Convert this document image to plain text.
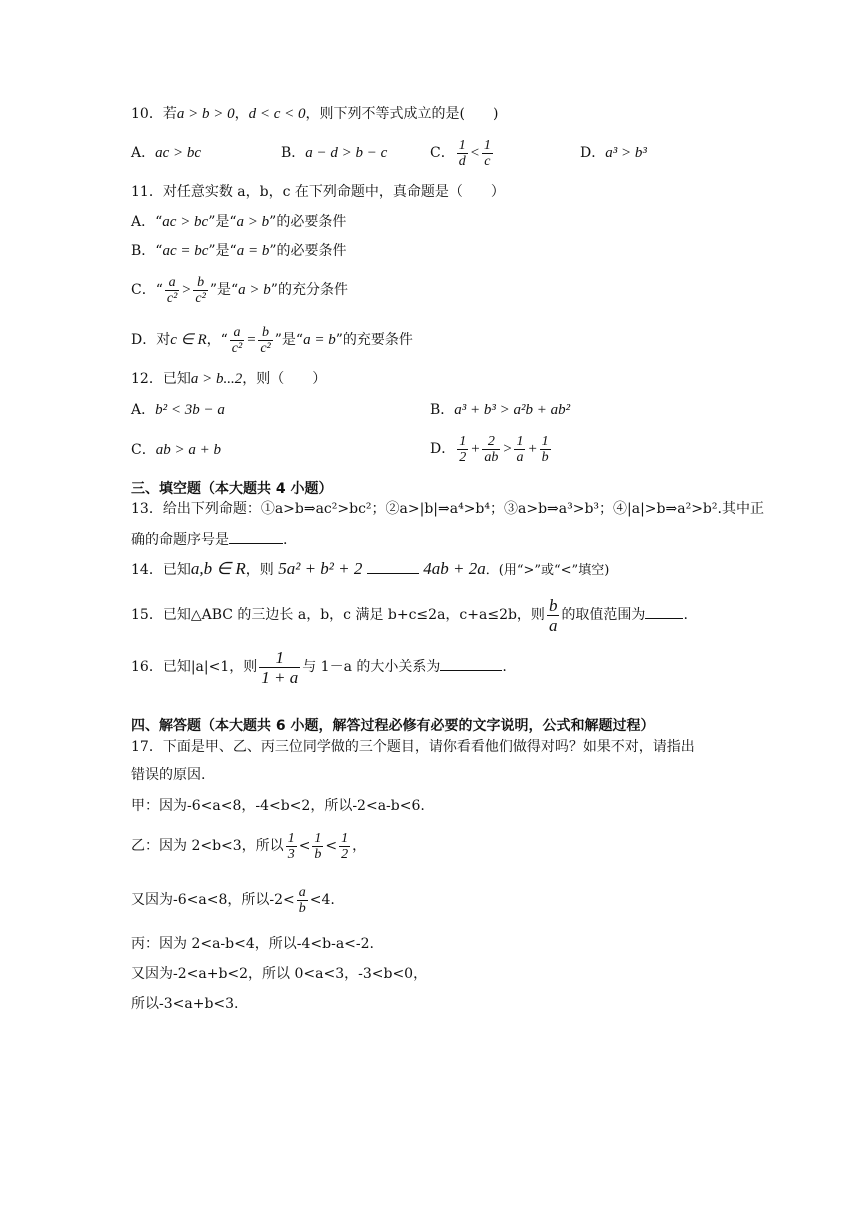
10．若a > b > 0，d < c < 0，则下列不等式成立的是(　　)
A．ac > bc	B．a − d > b − c	C． $\frac{1}{d} < \frac{1}{c}$	D．a³ > b³
11．对任意实数 a，b，c 在下列命题中，真命题是（　　）
A．“ac > bc”是“a > b”的必要条件
B．“ac = bc”是“a = b”的必要条件
C．“ $\frac{a}{\text{c²}} > \frac{b}{\text{c²}}$ ”是“a > b”的充分条件
D．对c ∈ R，“ $\frac{a}{\text{c²}} = \frac{b}{\text{c²}}$ ”是“a = b”的充要条件
12．已知a > b...2，则（　　）
A．b² < 3b − a	B．a³ + b³ > a²b + ab²
C．ab > a + b	D． $\frac{1}{2} + \frac{2}{ab} > \frac{1}{a} + \frac{1}{b}$
三、填空题（本大题共 4 小题）
13．给出下列命题：①a>b⇒ac²>bc²；②a>|b|⇒a⁴>b⁴；③a>b⇒a³>b³；④|a|>b⇒a²>b².其中正
确的命题序号是	.
14．已知a,b ∈ R，则 5a² + b² + 2	4ab + 2a．(用“>”或“<”填空)
15．已知△ABC 的三边长 a，b，c 满足 b+c≤2a，c+a≤2b，则 $\frac{b}{a}$ 的取值范围为	.
16．已知|a|<1，则 $\frac{1}{1 + a}$ 与 1－a 的大小关系为	.
四、解答题（本大题共 6 小题，解答过程必修有必要的文字说明，公式和解题过程）
17．下面是甲、乙、丙三位同学做的三个题目，请你看看他们做得对吗？如果不对，请指出
错误的原因.
甲：因为-6<a<8，-4<b<2，所以-2<a-b<6.
乙：因为 2<b<3，所以 $\frac{1}{3} < \frac{1}{b} < \frac{1}{2}$ ，
又因为-6<a<8，所以$-2< \frac{a}{b} <4$.
丙：因为 2<a-b<4，所以-4<b-a<-2.
又因为-2<a+b<2，所以 0<a<3，-3<b<0，
所以-3<a+b<3.
